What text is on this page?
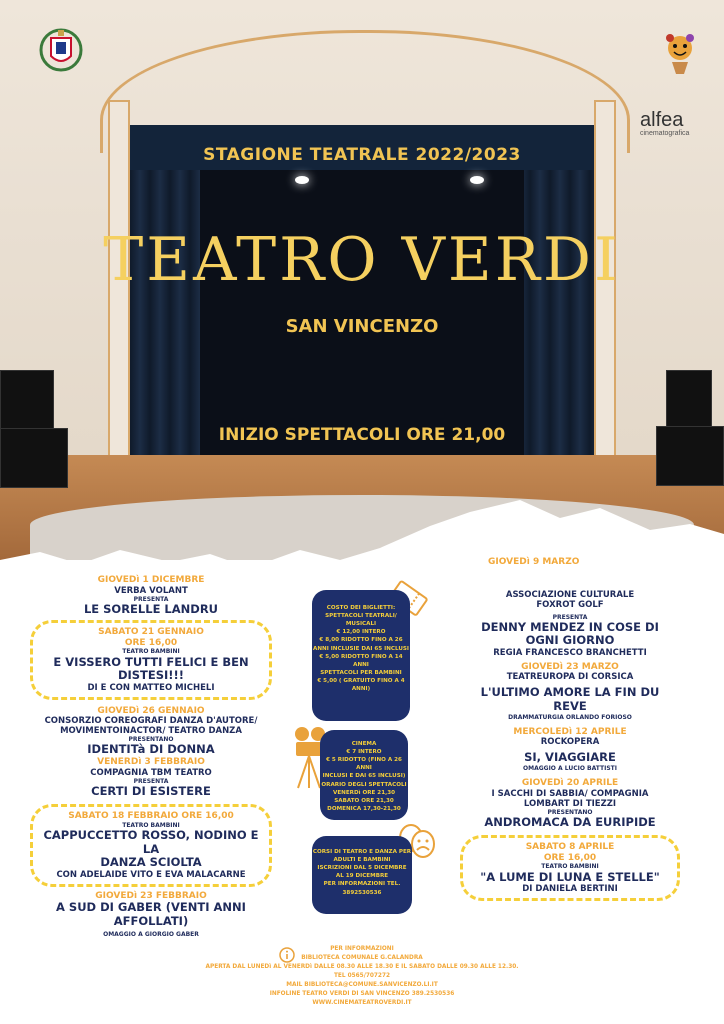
alfea
cinematografica
STAGIONE TEATRALE 2022/2023
TEATRO VERDI
SAN VINCENZO
INIZIO SPETTACOLI ORE 21,00
GIOVEDì 1 DICEMBRE
VERBA VOLANT
PRESENTA
LE SORELLE LANDRU
SABATO 21 GENNAIO
ORE 16,00
TEATRO BAMBINI
E VISSERO TUTTI FELICI E BEN
DISTESI!!!
DI E CON MATTEO MICHELI
GIOVEDì 26 GENNAIO
CONSORZIO COREOGRAFI DANZA D'AUTORE/
MOVIMENTOINACTOR/ TEATRO DANZA
PRESENTANO
IDENTITà DI DONNA
VENERDì 3 FEBBRAIO
COMPAGNIA TBM TEATRO
PRESENTA
CERTI DI ESISTERE
SABATO 18 FEBBRAIO ORE 16,00
TEATRO BAMBINI
CAPPUCCETTO ROSSO, NODINO E LA
DANZA SCIOLTA
CON ADELAIDE VITO E EVA MALACARNE
GIOVEDì 23 FEBBRAIO
A SUD DI GABER (VENTI ANNI
AFFOLLATI)
OMAGGIO A GIORGIO GABER
COSTO DEI BIGLIETTI:
SPETTACOLI TEATRALI/
MUSICALI
€ 12,00 INTERO
€ 8,00 RIDOTTO FINO A 26
ANNI INCLUSIE DAI 65 INCLUSI
€ 5,00 RIDOTTO FINO A 14
ANNI
SPETTACOLI PER BAMBINI
€ 5,00 ( GRATUITO FINO A 4
ANNI)
CINEMA
€ 7 INTERO
€ 5 RIDOTTO (FINO A 26 ANNI
INCLUSI E DAI 65 INCLUSI)
ORARIO DEGLI SPETTACOLI
VENERDì ORE 21,30
SABATO ORE 21,30
DOMENICA 17,30-21,30
CORSI DI TEATRO E DANZA PER
ADULTI E BAMBINI
ISCRIZIONI DAL 5 DICEMBRE
AL 19 DICEMBRE
PER INFORMAZIONI TEL.
3892530536
GIOVEDì 9 MARZO
ASSOCIAZIONE CULTURALE
FOXROT GOLF
PRESENTA
DENNY MENDEZ IN COSE DI
OGNI GIORNO
REGIA FRANCESCO BRANCHETTI
GIOVEDì 23 MARZO
TEATREUROPA DI CORSICA
L'ULTIMO AMORE LA FIN DU
REVE
DRAMMATURGIA ORLANDO FORIOSO
MERCOLEDì 12 APRILE
ROCKOPERA
SI, VIAGGIARE
OMAGGIO A LUCIO BATTISTI
GIOVEDì 20 APRILE
I SACCHI DI SABBIA/ COMPAGNIA
LOMBART DI TIEZZI
PRESENTANO
ANDROMACA DA EURIPIDE
SABATO 8 APRILE
ORE 16,00
TEATRO BAMBINI
"A LUME DI LUNA E STELLE"
DI DANIELA BERTINI
PER INFORMAZIONI
BIBLIOTECA COMUNALE G.CALANDRA
APERTA DAL LUNEDì AL VENERDì DALLE 08.30 ALLE 18.30 E IL SABATO DALLE 09.30 ALLE 12.30.
TEL 0565/707272
MAIL BIBLIOTECA@COMUNE.SANVICENZO.LI.IT
INFOLINE TEATRO VERDI DI SAN VINCENZO 389.2530536
WWW.CINEMATEATROVERDI.IT
